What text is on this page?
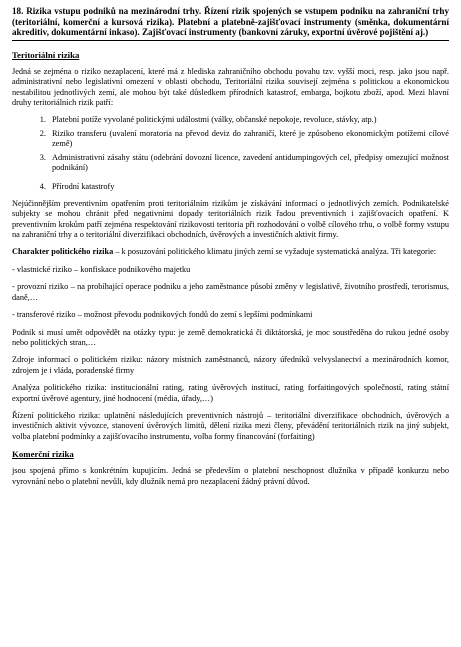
18. Rizika vstupu podniků na mezinárodní trhy. Řízení rizik spojených se vstupem podniku na zahraniční trhy (teritoriální, komerční a kursová rizika). Platební a platebně-zajišťovací instrumenty (směnka, dokumentární akreditiv, dokumentární inkaso). Zajišťovací instrumenty (bankovní záruky, exportní úvěrové pojištění aj.)
Teritoriální rizika

Jedná se zejména o riziko nezaplacení, které má z hlediska zahraničního obchodu povahu tzv. vyšší moci, resp. jako jsou např. administrativní nebo legislativní omezení v oblasti obchodu, Teritoriální rizika souvisejí zejména s politickou a ekonomickou nestabilitou jednotlivých zemí, ale mohou být také důsledkem přírodních katastrof, embarga, bojkotu zboží, apod. Mezi hlavní druhy teritoriálních rizik patří:

1. Platební potíže vyvolané politickými událostmi (války, občanské nepokoje, revoluce, stávky, atp.)
2. Riziko transferu (uvalení moratoria na převod deviz do zahraničí, které je způsobeno ekonomickým potížemi cílové země)
3. Administrativní zásahy státu (odebrání dovozní licence, zavedení antidumpingových cel, předpisy omezující možnost podnikání)
4. Přírodní katastrofy

Nejúčinnějším preventivním opatřením proti teritoriálním rizikům je získávání informací o jednotlivých zemích. Podnikatelské subjekty se mohou chránit před negativními dopady teritoriálních rizik řadou preventivních i zajišťovacích opatření. K preventivním krokům patří zejména respektování rizikovosti teritoria při rozhodování o volbě cílového trhu, o volbě formy vstupu na zahraniční trhy a o teritoriální diverzifikaci obchodních, úvěrových a investičních aktivit firmy.

Charakter politického rizika – k posuzování politického klimatu jiných zemí se vyžaduje systematická analýza. Tři kategorie:

- vlastnické riziko – konfiskace podnikového majetku

- provozní riziko – na probíhající operace podniku a jeho zaměstnance působí změny v legislativě, životního prostředí, terorismus, daně,…

- transferové riziko – možnost převodu podnikových fondů do zemí s lepšími podmínkami

Podnik si musí umět odpovědět na otázky typu: je země demokratická či diktátorská, je moc soustředěna do rukou jedné osoby nebo politických stran,…

Zdroje informací o politickém riziku: názory místních zaměstnanců, názory úředníků velvyslanectví a mezinárodních komor, zdrojem je i vláda, poradenské firmy

Analýza politického rizika: institucionální rating, rating úvěrových institucí, rating forfaitingových společností, rating státní exportní úvěrové agentury, jiné hodnocení (média, úřady,…)

Řízení politického rizika: uplatnění následujících preventivních nástrojů – teritoriální diverzifikace obchodních, úvěrových a investičních aktivit vývozce, stanovení úvěrových limitů, dělení rizika mezi členy, převádění teritoriálních rizik na jiný subjekt, volba platební podmínky a zajišťovacího instrumentu, volba formy financování (forfaiting)

Komerční rizika

jsou spojená přímo s konkrétním kupujícím. Jedná se především o platební neschopnost dlužníka v případě konkurzu nebo vyrovnání nebo o platební nevůli, kdy dlužník nemá pro nezaplacení žádný právní důvod.
